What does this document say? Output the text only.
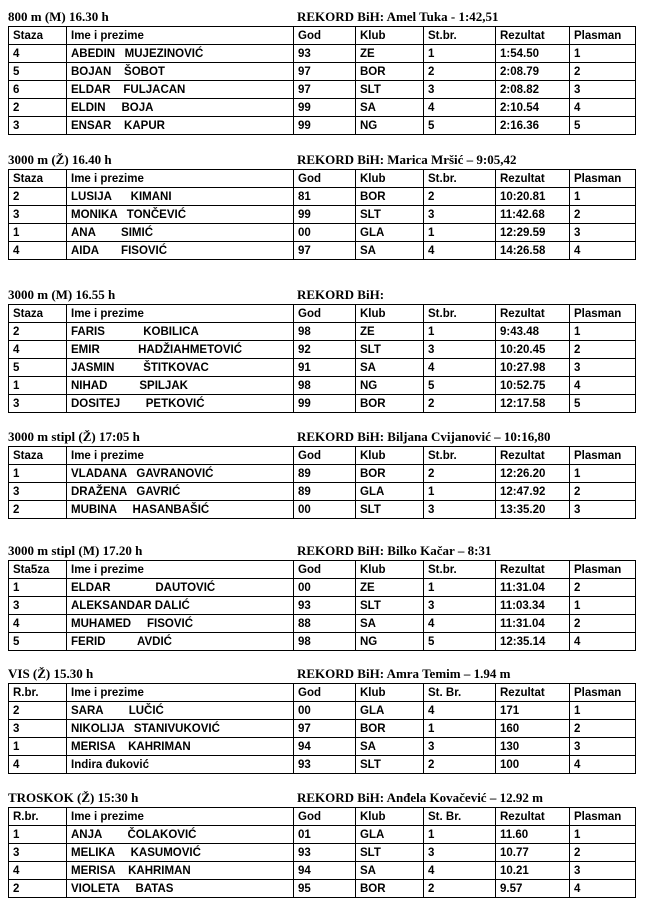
800 m (M) 16.30 h	REKORD BiH: Amel Tuka - 1:42,51
Staza	Ime i prezime	God	Klub	St.br.	Rezultat	Plasman
4	ABEDIN   MUJEZINOVIĆ	93	ZE	1	1:54.50	1
5	BOJAN    ŠOBOT	97	BOR	2	2:08.79	2
6	ELDAR    FULJACAN	97	SLT	3	2:08.82	3
2	ELDIN     BOJA	99	SA	4	2:10.54	4
3	ENSAR    KAPUR	99	NG	5	2:16.36	5
3000 m (Ž) 16.40 h	REKORD BiH: Marica Mršić – 9:05,42
Staza	Ime i prezime	God	Klub	St.br.	Rezultat	Plasman
2	LUSIJA      KIMANI	81	BOR	2	10:20.81	1
3	MONIKA   TONČEVIĆ	99	SLT	3	11:42.68	2
1	ANA        SIMIĆ	00	GLA	1	12:29.59	3
4	AIDA       FISOVIĆ	97	SA	4	14:26.58	4
3000 m (M) 16.55 h	REKORD BiH:
Staza	Ime i prezime	God	Klub	St.br.	Rezultat	Plasman
2	FARIS            KOBILICA	98	ZE	1	9:43.48	1
4	EMIR            HADŽIAHMETOVIĆ	92	SLT	3	10:20.45	2
5	JASMIN         ŠTITKOVAC	91	SA	4	10:27.98	3
1	NIHAD          SPILJAK	98	NG	5	10:52.75	4
3	DOSITEJ        PETKOVIĆ	99	BOR	2	12:17.58	5
3000 m stipl (Ž) 17:05 h	REKORD BiH: Biljana Cvijanović – 10:16,80
Staza	Ime i prezime	God	Klub	St.br.	Rezultat	Plasman
1	VLADANA   GAVRANOVIĆ	89	BOR	2	12:26.20	1
3	DRAŽENA   GAVRIĆ	89	GLA	1	12:47.92	2
2	MUBINA     HASANBAŠIĆ	00	SLT	3	13:35.20	3
3000 m stipl (M) 17.20 h	REKORD BiH: Bilko Kačar – 8:31
Sta5za	Ime i prezime	God	Klub	St.br.	Rezultat	Plasman
1	ELDAR              DAUTOVIĆ	00	ZE	1	11:31.04	2
3	ALEKSANDAR DALIĆ	93	SLT	3	11:03.34	1
4	MUHAMED     FISOVIĆ	88	SA	4	11:31.04	2
5	FERID          AVDIĆ	98	NG	5	12:35.14	4
VIS (Ž) 15.30 h	REKORD BiH: Amra Temim – 1.94 m
R.br.	Ime i prezime	God	Klub	St. Br.	Rezultat	Plasman
2	SARA        LUČIĆ	00	GLA	4	171	1
3	NIKOLIJA   STANIVUKOVIĆ	97	BOR	1	160	2
1	MERISA    KAHRIMAN	94	SA	3	130	3
4	Indira đuković	93	SLT	2	100	4
TROSKOK (Ž) 15:30 h	REKORD BiH: Anđela Kovačević – 12.92 m
R.br.	Ime i prezime	God	Klub	St. Br.	Rezultat	Plasman
1	ANJA        ČOLAKOVIĆ	01	GLA	1	11.60	1
3	MELIKA     KASUMOVIĆ	93	SLT	3	10.77	2
4	MERISA    KAHRIMAN	94	SA	4	10.21	3
2	VIOLETA     BATAS	95	BOR	2	9.57	4
